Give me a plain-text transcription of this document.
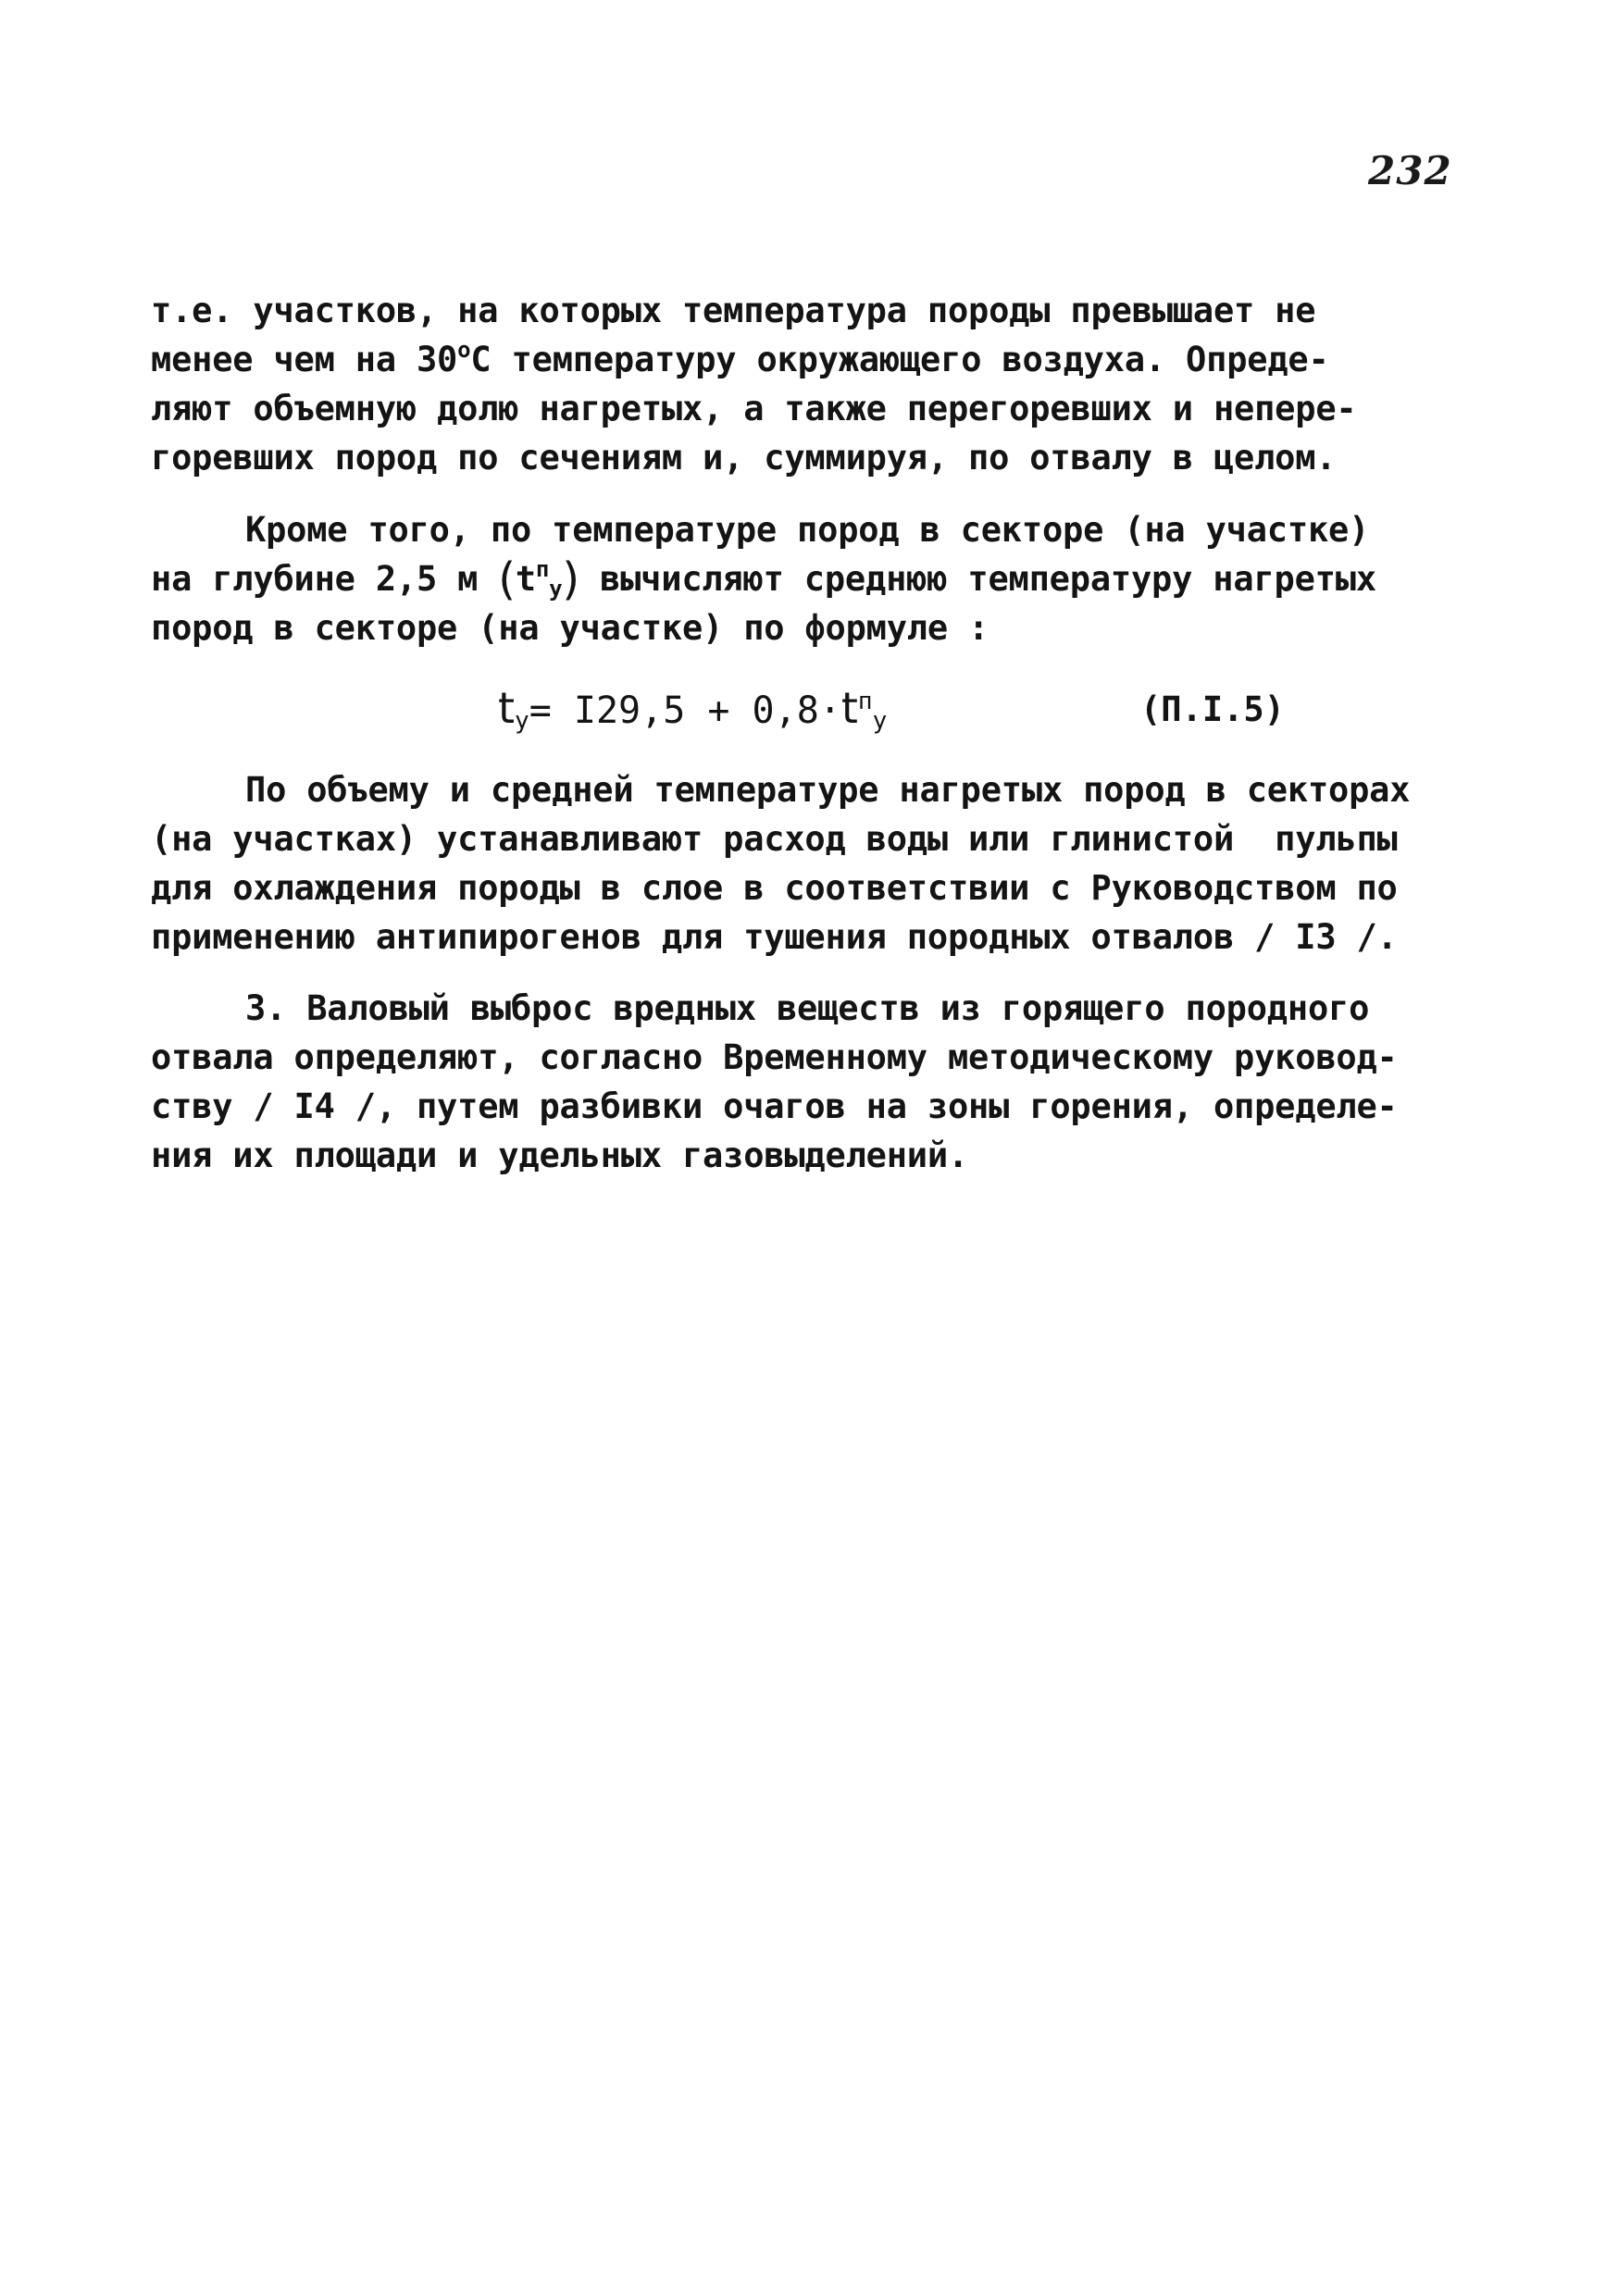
232
т.е. участков, на которых температура породы превышает не
менее чем на 30$^o$С температуру окружающего воздуха. Опреде-
ляют объемную долю нагретых, а также перегоревших и непере-
горевших пород по сечениям и, суммируя, по отвалу в целом.
Кроме того, по температуре пород в секторе (на участке)
на глубине 2,5 м $(t^п_у)$ вычисляют среднюю температуру нагретых
пород в секторе (на участке) по формуле :
$t_у= I29,5 + 0,8\cdot t^п_у$	(П.I.5)
По объему и средней температуре нагретых пород в секторах
(на участках) устанавливают расход воды или глинистой  пульпы
для охлаждения породы в слое в соответствии с Руководством по
применению антипирогенов для тушения породных отвалов / I3 /.
3. Валовый выброс вредных веществ из горящего породного
отвала определяют, согласно Временному методическому руковод-
ству / I4 /, путем разбивки очагов на зоны горения, определе-
ния их площади и удельных газовыделений.
